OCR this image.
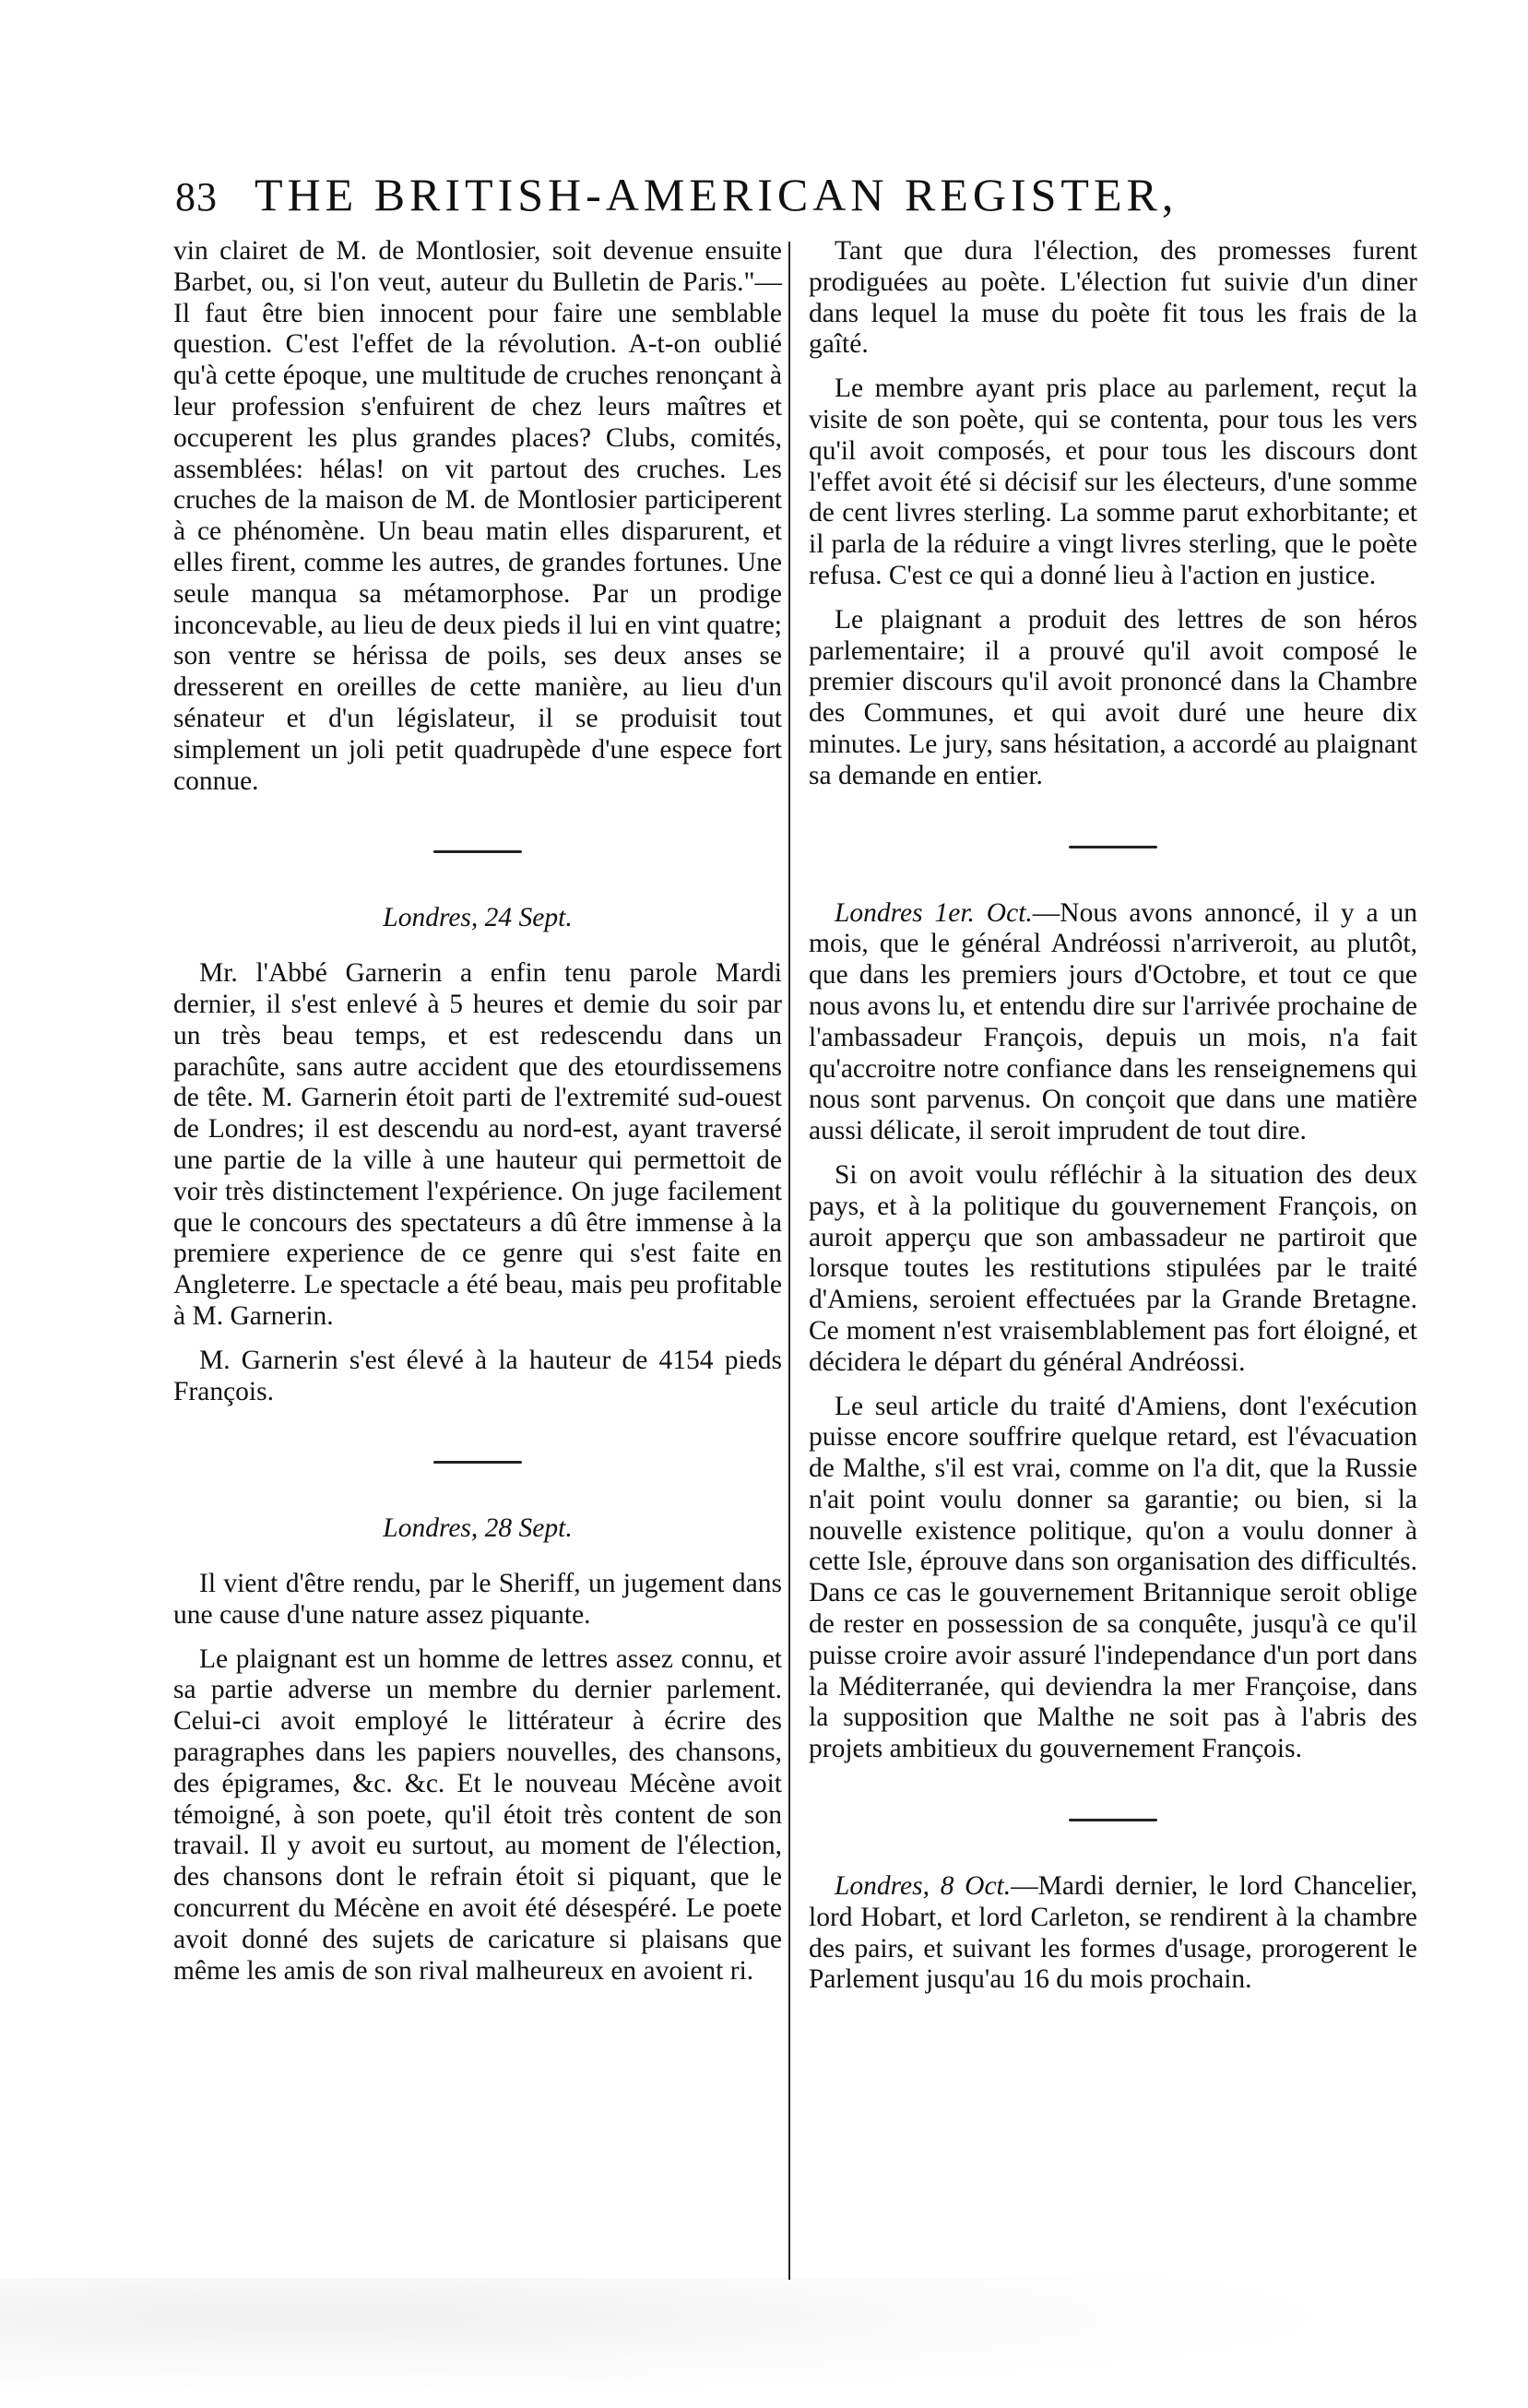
83 THE BRITISH-AMERICAN REGISTER,

vin clairet de M. de Montlosier, soit devenue ensuite Barbet, ou, si l'on veut, auteur du Bulletin de Paris."—Il faut être bien innocent pour faire une semblable question. C'est l'effet de la révolution. A-t-on oublié qu'à cette époque, une multitude de cruches renonçant à leur profession s'enfuirent de chez leurs maîtres et occuperent les plus grandes places? Clubs, comités, assemblées: hélas! on vit partout des cruches. Les cruches de la maison de M. de Montlosier participerent à ce phénomène. Un beau matin elles disparurent, et elles firent, comme les autres, de grandes fortunes. Une seule manqua sa métamorphose. Par un prodige inconcevable, au lieu de deux pieds il lui en vint quatre; son ventre se hérissa de poils, ses deux anses se dresserent en oreilles de cette manière, au lieu d'un sénateur et d'un législateur, il se produisit tout simplement un joli petit quadrupède d'une espece fort connue.

Londres, 24 Sept.

Mr. l'Abbé Garnerin a enfin tenu parole Mardi dernier, il s'est enlevé à 5 heures et demie du soir par un très beau temps, et est redescendu dans un parachûte, sans autre accident que des etourdissemens de tête. M. Garnerin étoit parti de l'extremité sud-ouest de Londres; il est descendu au nord-est, ayant traversé une partie de la ville à une hauteur qui permettoit de voir très distinctement l'expérience. On juge facilement que le concours des spectateurs a dû être immense à la premiere experience de ce genre qui s'est faite en Angleterre. Le spectacle a été beau, mais peu profitable à M. Garnerin.

M. Garnerin s'est élevé à la hauteur de 4154 pieds François.

Londres, 28 Sept.

Il vient d'être rendu, par le Sheriff, un jugement dans une cause d'une nature assez piquante.

Le plaignant est un homme de lettres assez connu, et sa partie adverse un membre du dernier parlement. Celui-ci avoit employé le littérateur à écrire des paragraphes dans les papiers nouvelles, des chansons, des épigrames, &c. &c. Et le nouveau Mécène avoit témoigné, à son poete, qu'il étoit très content de son travail. Il y avoit eu surtout, au moment de l'élection, des chansons dont le refrain étoit si piquant, que le concurrent du Mécène en avoit été désespéré. Le poete avoit donné des sujets de caricature si plaisans que même les amis de son rival malheureux en avoient ri.

Tant que dura l'élection, des promesses furent prodiguées au poète. L'élection fut suivie d'un diner dans lequel la muse du poète fit tous les frais de la gaîté.

Le membre ayant pris place au parlement, reçut la visite de son poète, qui se contenta, pour tous les vers qu'il avoit composés, et pour tous les discours dont l'effet avoit été si décisif sur les électeurs, d'une somme de cent livres sterling. La somme parut exhorbitante; et il parla de la réduire a vingt livres sterling, que le poète refusa. C'est ce qui a donné lieu à l'action en justice.

Le plaignant a produit des lettres de son héros parlementaire; il a prouvé qu'il avoit composé le premier discours qu'il avoit prononcé dans la Chambre des Communes, et qui avoit duré une heure dix minutes. Le jury, sans hésitation, a accordé au plaignant sa demande en entier.

Londres 1er. Oct.—Nous avons annoncé, il y a un mois, que le général Andréossi n'arriveroit, au plutôt, que dans les premiers jours d'Octobre, et tout ce que nous avons lu, et entendu dire sur l'arrivée prochaine de l'ambassadeur François, depuis un mois, n'a fait qu'accroitre notre confiance dans les renseignemens qui nous sont parvenus. On conçoit que dans une matière aussi délicate, il seroit imprudent de tout dire.

Si on avoit voulu réfléchir à la situation des deux pays, et à la politique du gouvernement François, on auroit apperçu que son ambassadeur ne partiroit que lorsque toutes les restitutions stipulées par le traité d'Amiens, seroient effectuées par la Grande Bretagne. Ce moment n'est vraisemblablement pas fort éloigné, et décidera le départ du général Andréossi.

Le seul article du traité d'Amiens, dont l'exécution puisse encore souffrire quelque retard, est l'évacuation de Malthe, s'il est vrai, comme on l'a dit, que la Russie n'ait point voulu donner sa garantie; ou bien, si la nouvelle existence politique, qu'on a voulu donner à cette Isle, éprouve dans son organisation des difficultés. Dans ce cas le gouvernement Britannique seroit oblige de rester en possession de sa conquête, jusqu'à ce qu'il puisse croire avoir assuré l'independance d'un port dans la Méditerranée, qui deviendra la mer Françoise, dans la supposition que Malthe ne soit pas à l'abris des projets ambitieux du gouvernement François.

Londres, 8 Oct.—Mardi dernier, le lord Chancelier, lord Hobart, et lord Carleton, se rendirent à la chambre des pairs, et suivant les formes d'usage, prorogerent le Parlement jusqu'au 16 du mois prochain.
